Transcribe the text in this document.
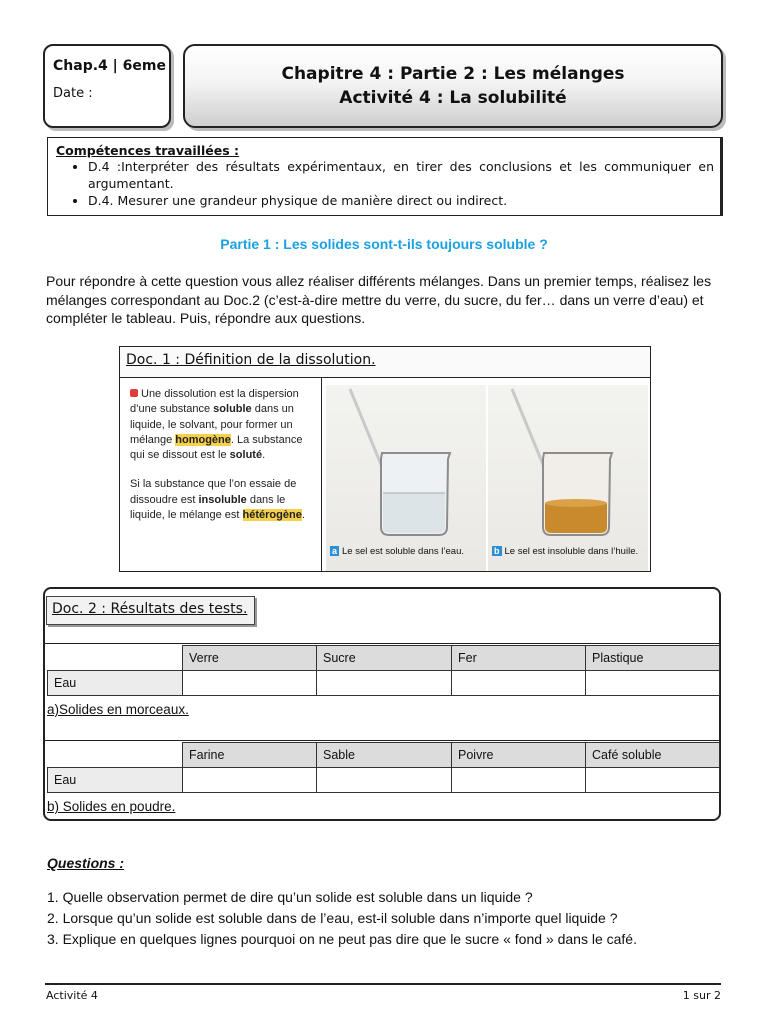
Chap.4 | 6eme
Date :
Chapitre 4 : Partie 2 : Les mélanges
Activité 4 : La solubilité
Compétences travaillées :
• D.4 :Interpréter des résultats expérimentaux, en tirer des conclusions et les communiquer en argumentant.
• D.4. Mesurer une grandeur physique de manière direct ou indirect.
Partie 1 : Les solides sont-t-ils toujours soluble ?
Pour répondre à cette question vous allez réaliser différents mélanges. Dans un premier temps, réalisez les mélanges correspondant au Doc.2 (c’est-à-dire mettre du verre, du sucre, du fer… dans un verre d’eau) et compléter le tableau. Puis, répondre aux questions.
Doc. 1 : Définition de la dissolution.
Une dissolution est la dispersion d’une substance soluble dans un liquide, le solvant, pour former un mélange homogène. La substance qui se dissout est le soluté.
Si la substance que l’on essaie de dissoudre est insoluble dans le liquide, le mélange est hétérogène.
a Le sel est soluble dans l’eau.	b Le sel est insoluble dans l’huile.
Doc. 2 : Résultats des tests.
	Verre	Sucre	Fer	Plastique
Eau				
a)Solides en morceaux.
	Farine	Sable	Poivre	Café soluble
Eau				
b) Solides en poudre.
Questions :
1. Quelle observation permet de dire qu’un solide est soluble dans un liquide ?
2. Lorsque qu’un solide est soluble dans de l’eau, est-il soluble dans n’importe quel liquide ?
3. Explique en quelques lignes pourquoi on ne peut pas dire que le sucre « fond » dans le café.
Activité 4	1 sur 2
